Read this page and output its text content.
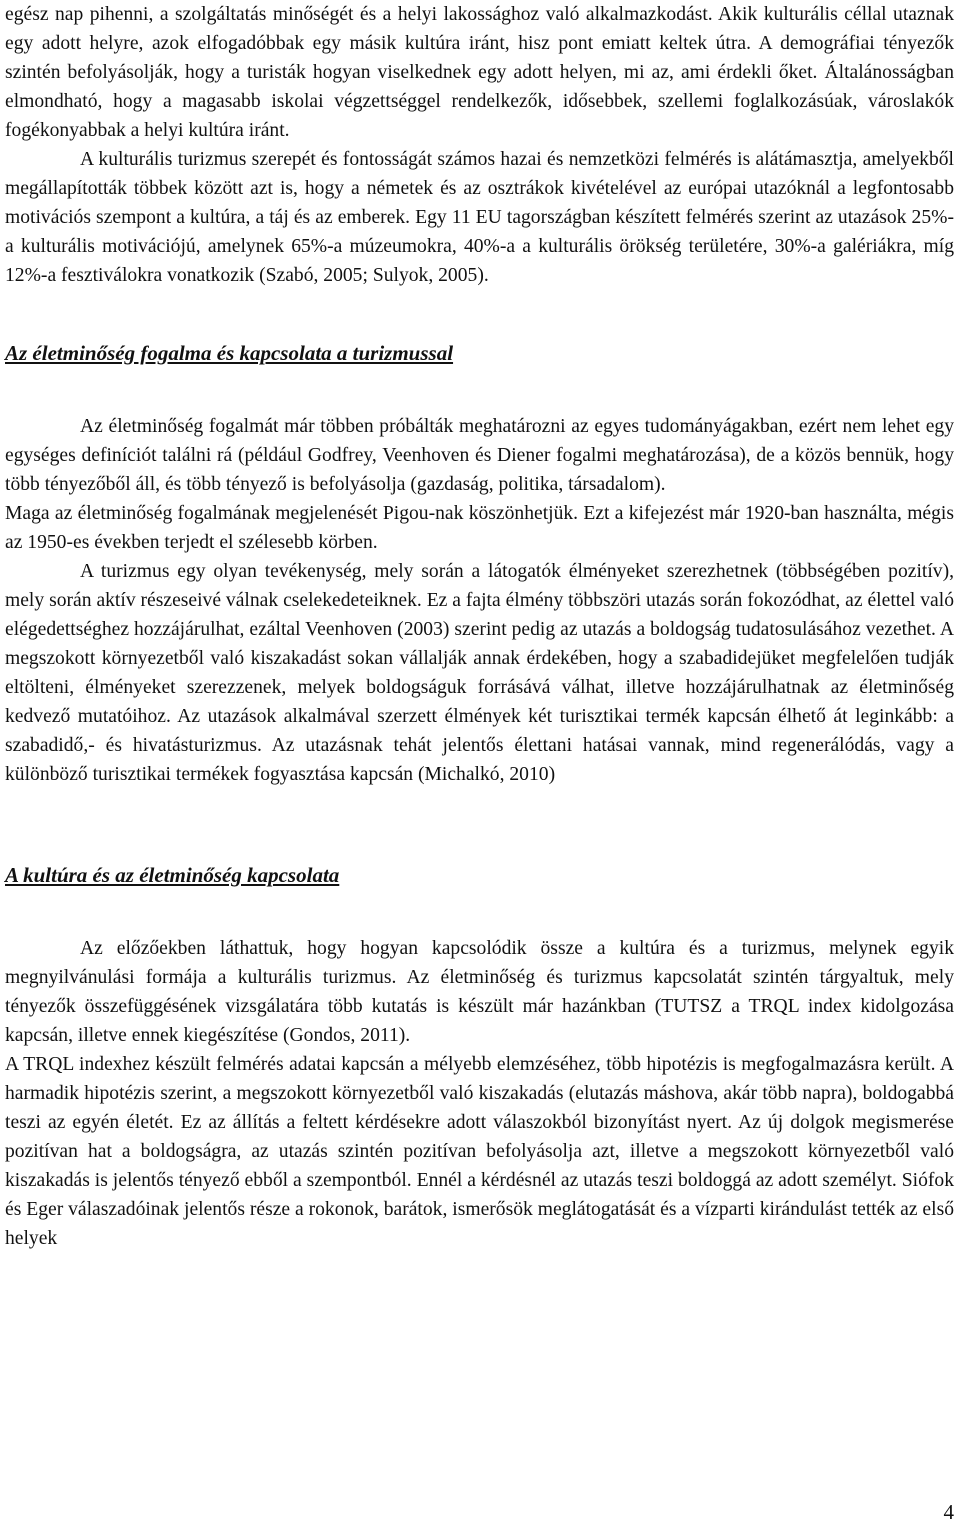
egész nap pihenni, a szolgáltatás minőségét és a helyi lakossághoz való alkalmazkodást. Akik kulturális céllal utaznak egy adott helyre, azok elfogadóbbak egy másik kultúra iránt, hisz pont emiatt keltek útra. A demográfiai tényezők szintén befolyásolják, hogy a turisták hogyan viselkednek egy adott helyen, mi az, ami érdekli őket. Általánosságban elmondható, hogy a magasabb iskolai végzettséggel rendelkezők, idősebbek, szellemi foglalkozásúak, városlakók fogékonyabbak a helyi kultúra iránt.

A kulturális turizmus szerepét és fontosságát számos hazai és nemzetközi felmérés is alátámasztja, amelyekből megállapították többek között azt is, hogy a németek és az osztrákok kivételével az európai utazóknál a legfontosabb motivációs szempont a kultúra, a táj és az emberek. Egy 11 EU tagországban készített felmérés szerint az utazások 25%-a kulturális motivációjú, amelynek 65%-a múzeumokra, 40%-a a kulturális örökség területére, 30%-a galériákra, míg 12%-a fesztiválokra vonatkozik (Szabó, 2005; Sulyok, 2005).

Az életminőség fogalma és kapcsolata a turizmussal

Az életminőség fogalmát már többen próbálták meghatározni az egyes tudományágakban, ezért nem lehet egy egységes definíciót találni rá (például Godfrey, Veenhoven és Diener fogalmi meghatározása), de a közös bennük, hogy több tényezőből áll, és több tényező is befolyásolja (gazdaság, politika, társadalom).

Maga az életminőség fogalmának megjelenését Pigou-nak köszönhetjük. Ezt a kifejezést már 1920-ban használta, mégis az 1950-es években terjedt el szélesebb körben.

A turizmus egy olyan tevékenység, mely során a látogatók élményeket szerezhetnek (többségében pozitív), mely során aktív részeseivé válnak cselekedeteiknek. Ez a fajta élmény többszöri utazás során fokozódhat, az élettel való elégedettséghez hozzájárulhat, ezáltal Veenhoven (2003) szerint pedig az utazás a boldogság tudatosulásához vezethet. A megszokott környezetből való kiszakadást sokan vállalják annak érdekében, hogy a szabadidejüket megfelelően tudják eltölteni, élményeket szerezzenek, melyek boldogságuk forrásává válhat, illetve hozzájárulhatnak az életminőség kedvező mutatóihoz. Az utazások alkalmával szerzett élmények két turisztikai termék kapcsán élhető át leginkább: a szabadidő,- és hivatásturizmus. Az utazásnak tehát jelentős élettani hatásai vannak, mind regenerálódás, vagy a különböző turisztikai termékek fogyasztása kapcsán (Michalkó, 2010)

A kultúra és az életminőség kapcsolata

Az előzőekben láthattuk, hogy hogyan kapcsolódik össze a kultúra és a turizmus, melynek egyik megnyilvánulási formája a kulturális turizmus. Az életminőség és turizmus kapcsolatát szintén tárgyaltuk, mely tényezők összefüggésének vizsgálatára több kutatás is készült már hazánkban (TUTSZ a TRQL index kidolgozása kapcsán, illetve ennek kiegészítése (Gondos, 2011).

A TRQL indexhez készült felmérés adatai kapcsán a mélyebb elemzéséhez, több hipotézis is megfogalmazásra került. A harmadik hipotézis szerint, a megszokott környezetből való kiszakadás (elutazás máshova, akár több napra), boldogabbá teszi az egyén életét. Ez az állítás a feltett kérdésekre adott válaszokból bizonyítást nyert. Az új dolgok megismerése pozitívan hat a boldogságra, az utazás szintén pozitívan befolyásolja azt, illetve a megszokott környezetből való kiszakadás is jelentős tényező ebből a szempontból. Ennél a kérdésnél az utazás teszi boldoggá az adott személyt. Siófok és Eger válaszadóinak jelentős része a rokonok, barátok, ismerősök meglátogatását és a vízparti kirándulást tették az első helyek

4
